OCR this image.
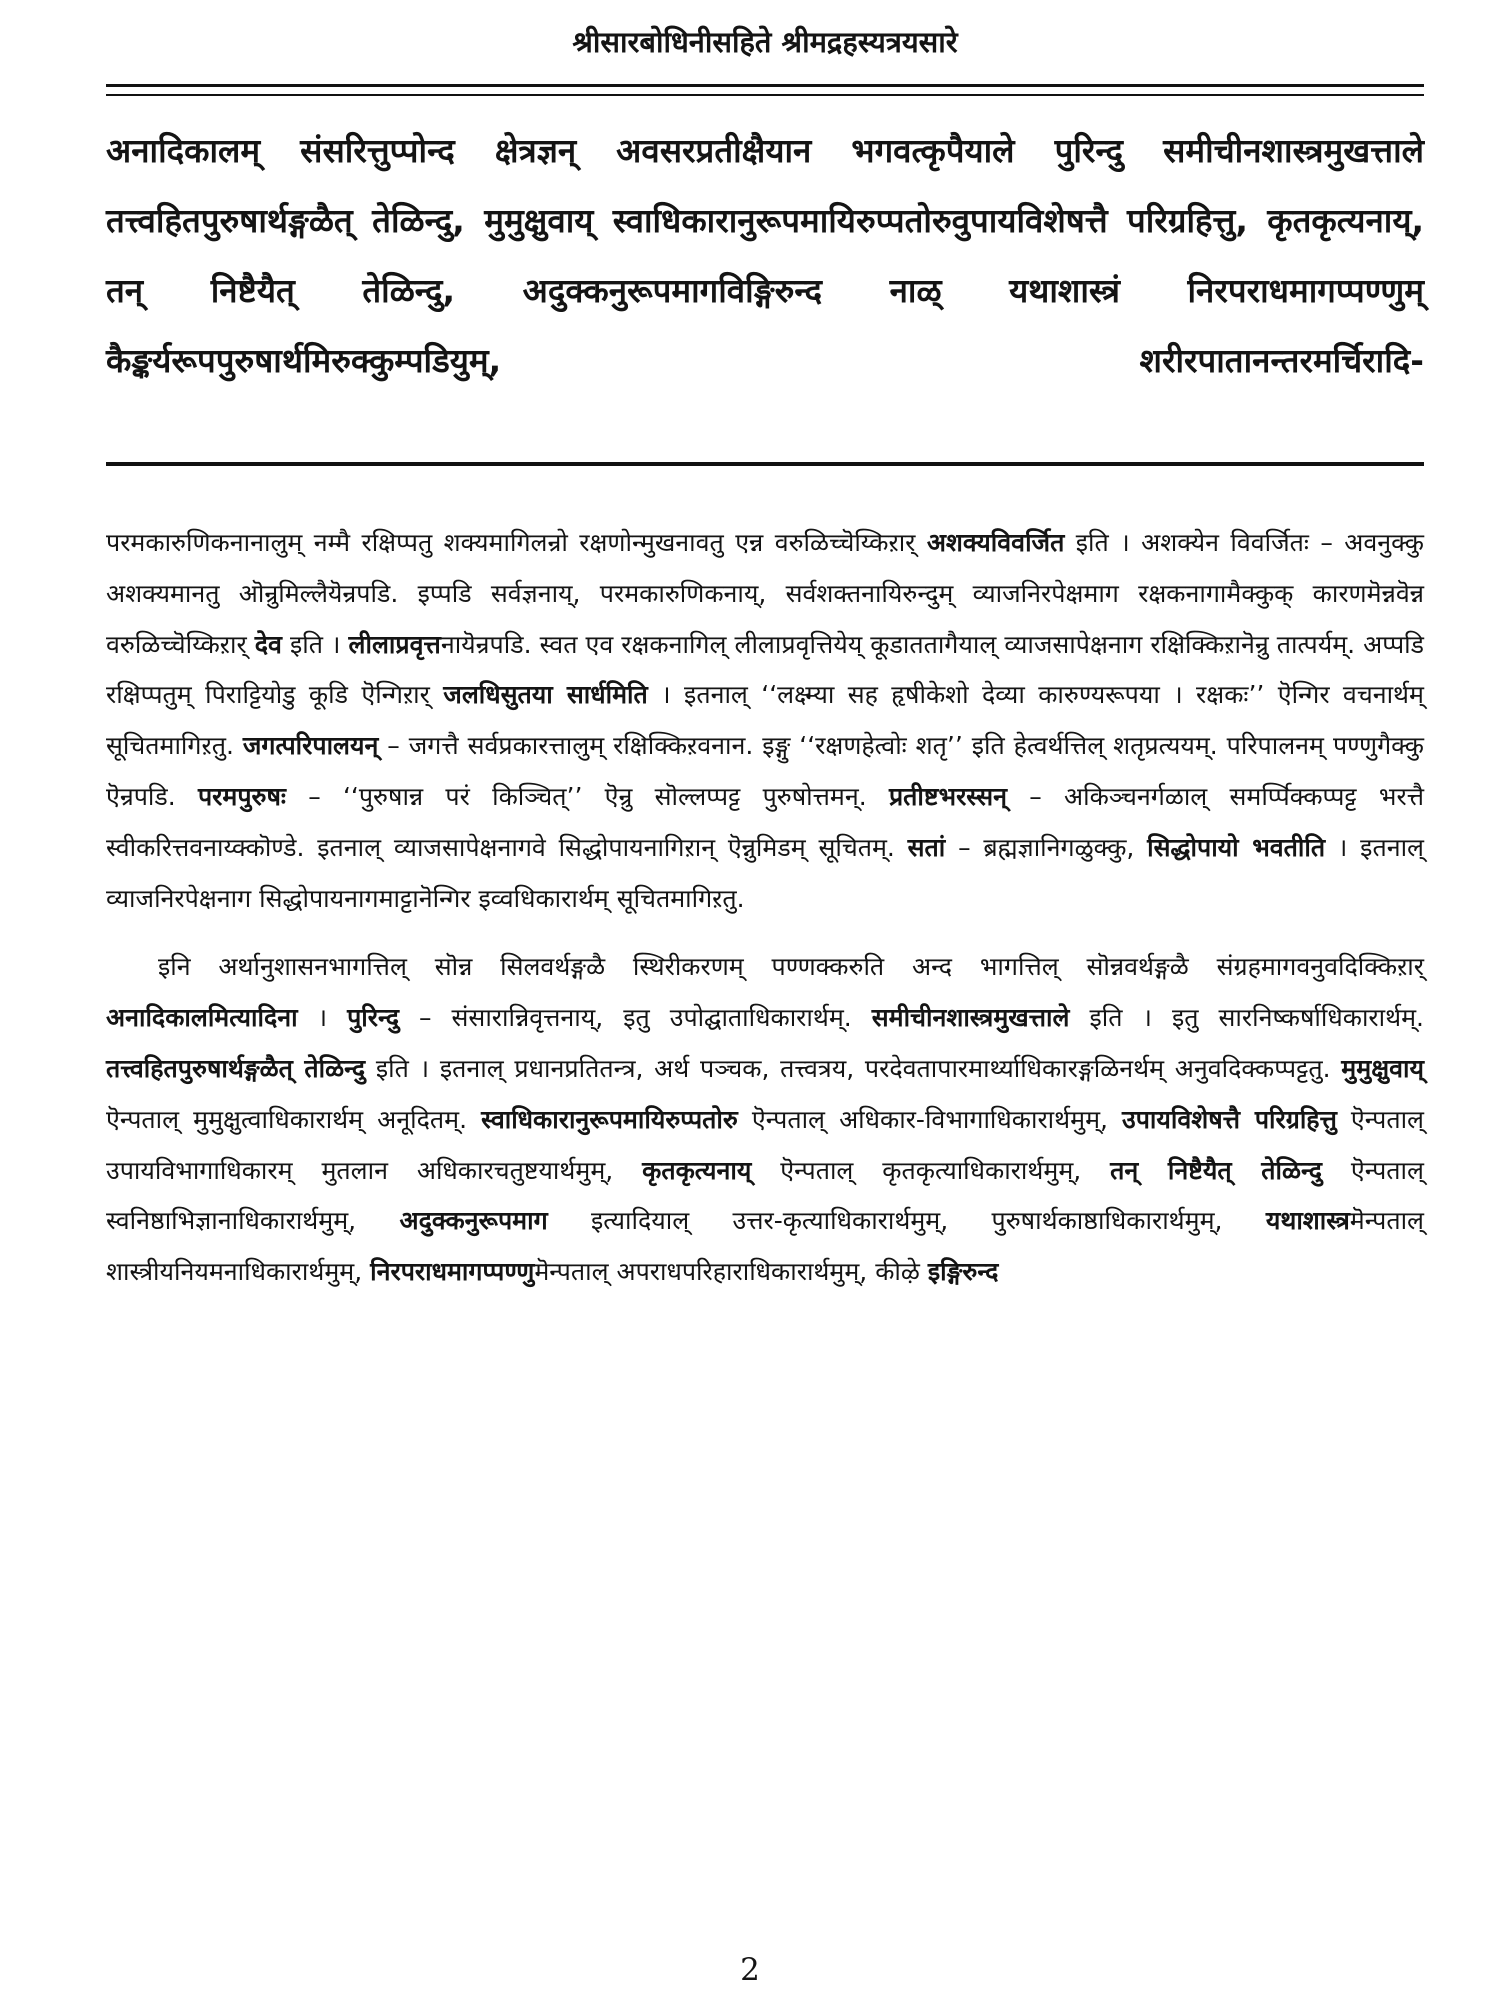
श्रीसारबोधिनीसहिते श्रीमद्रहस्यत्रयसारे
अनादिकालम् संसरित्तुप्पोन्द क्षेत्रज्ञन् अवसरप्रतीक्षैयान भगवत्कृपैयाले पुरिन्दु समीचीनशास्त्रमुखत्ताले तत्त्वहितपुरुषार्थङ्गळैत् तेळिन्दु, मुमुक्षुवाय् स्वाधिकारानुरूपमायिरुप्पतोरुवुपायविशेषत्तै परिग्रहित्तु, कृतकृत्यनाय्, तन् निष्टैयैत् तेळिन्दु, अदुक्कनुरूपमागविङ्गिरुन्द नाळ् यथाशास्त्रं निरपराधमागप्पण्णुम् कैङ्कर्यरूपपुरुषार्थमिरुक्कुम्पडियुम्, शरीरपातानन्तरमर्चिरादि-

परमकारुणिकनानालुम् नम्मै रक्षिप्पतु शक्यमागिलन्रो रक्षणोन्मुखनावतु एन्न वरुळिच्चॆय्किऱार् अशक्यविवर्जित इति । अशक्येन विवर्जितः – अवनुक्कु अशक्यमानतु ऒन्रुमिल्लैयॆन्रपडि. इप्पडि सर्वज्ञनाय्, परमकारुणिकनाय्, सर्वशक्तनायिरुन्दुम् व्याजनिरपेक्षमाग रक्षकनागामैक्कुक् कारणमॆन्नवॆन्न वरुळिच्चॆय्किऱार् देव इति । लीलाप्रवृत्तनायॆन्रपडि. स्वत एव रक्षकनागिल् लीलाप्रवृत्तियेय् कूडाततागैयाल् व्याजसापेक्षनाग रक्षिक्किऱानॆन्रु तात्पर्यम्. अप्पडि रक्षिप्पतुम् पिराट्टियोडु कूडि ऎन्गिऱार् जलधिसुतया सार्धमिति । इतनाल् ‘‘लक्ष्म्या सह हृषीकेशो देव्या कारुण्यरूपया । रक्षकः’’ ऎन्गिर वचनार्थम् सूचितमागिऱतु. जगत्परिपालयन् – जगत्तै सर्वप्रकारत्तालुम् रक्षिक्किऱवनान. इङ्गु ‘‘रक्षणहेत्वोः शतृ’’ इति हेत्वर्थत्तिल् शतृप्रत्ययम्. परिपालनम् पण्णुगैक्कु ऎन्रपडि. परमपुरुषः – ‘‘पुरुषान्न परं किञ्चित्’’ ऎन्रु सॊल्लप्पट्ट पुरुषोत्तमन्. प्रतीष्टभरस्सन् – अकिञ्चनर्गळाल् समर्प्पिक्कप्पट्ट भरत्तै स्वीकरित्तवनाय्क्कॊण्डे. इतनाल् व्याजसापेक्षनागवे सिद्धोपायनागिऱान् ऎन्नुमिडम् सूचितम्. सतां – ब्रह्मज्ञानिगळुक्कु, सिद्धोपायो भवतीति । इतनाल् व्याजनिरपेक्षनाग सिद्धोपायनागमाट्टानॆन्गिर इव्वधिकारार्थम् सूचितमागिऱतु.

इनि अर्थानुशासनभागत्तिल् सॊन्न सिलवर्थङ्गळै स्थिरीकरणम् पण्णक्करुति अन्द भागत्तिल् सॊन्नवर्थङ्गळै संग्रहमागवनुवदिक्किऱार् अनादिकालमित्यादिना । पुरिन्दु – संसारान्निवृत्तनाय्, इतु उपोद्घाताधिकारार्थम्. समीचीनशास्त्रमुखत्ताले इति । इतु सारनिष्कर्षाधिकारार्थम्. तत्त्वहितपुरुषार्थङ्गळैत् तेळिन्दु इति । इतनाल् प्रधानप्रतितन्त्र, अर्थ पञ्चक, तत्त्वत्रय, परदेवतापारमार्थ्याधिकारङ्गळिनर्थम् अनुवदिक्कप्पट्टतु. मुमुक्षुवाय् ऎन्पताल् मुमुक्षुत्वाधिकारार्थम् अनूदितम्. स्वाधिकारानुरूपमायिरुप्पतोरु ऎन्पताल् अधिकार-विभागाधिकारार्थमुम्, उपायविशेषत्तै परिग्रहित्तु ऎन्पताल् उपायविभागाधिकारम् मुतलान अधिकारचतुष्टयार्थमुम्, कृतकृत्यनाय् ऎन्पताल् कृतकृत्याधिकारार्थमुम्, तन् निष्टैयैत् तेळिन्दु ऎन्पताल् स्वनिष्ठाभिज्ञानाधिकारार्थमुम्, अदुक्कनुरूपमाग इत्यादियाल् उत्तर-कृत्याधिकारार्थमुम्, पुरुषार्थकाष्ठाधिकारार्थमुम्, यथाशास्त्रमॆन्पताल् शास्त्रीयनियमनाधिकारार्थमुम्, निरपराधमागप्पण्णुमॆन्पताल् अपराधपरिहाराधिकारार्थमुम्, कीऴे इङ्गिरुन्द

2
